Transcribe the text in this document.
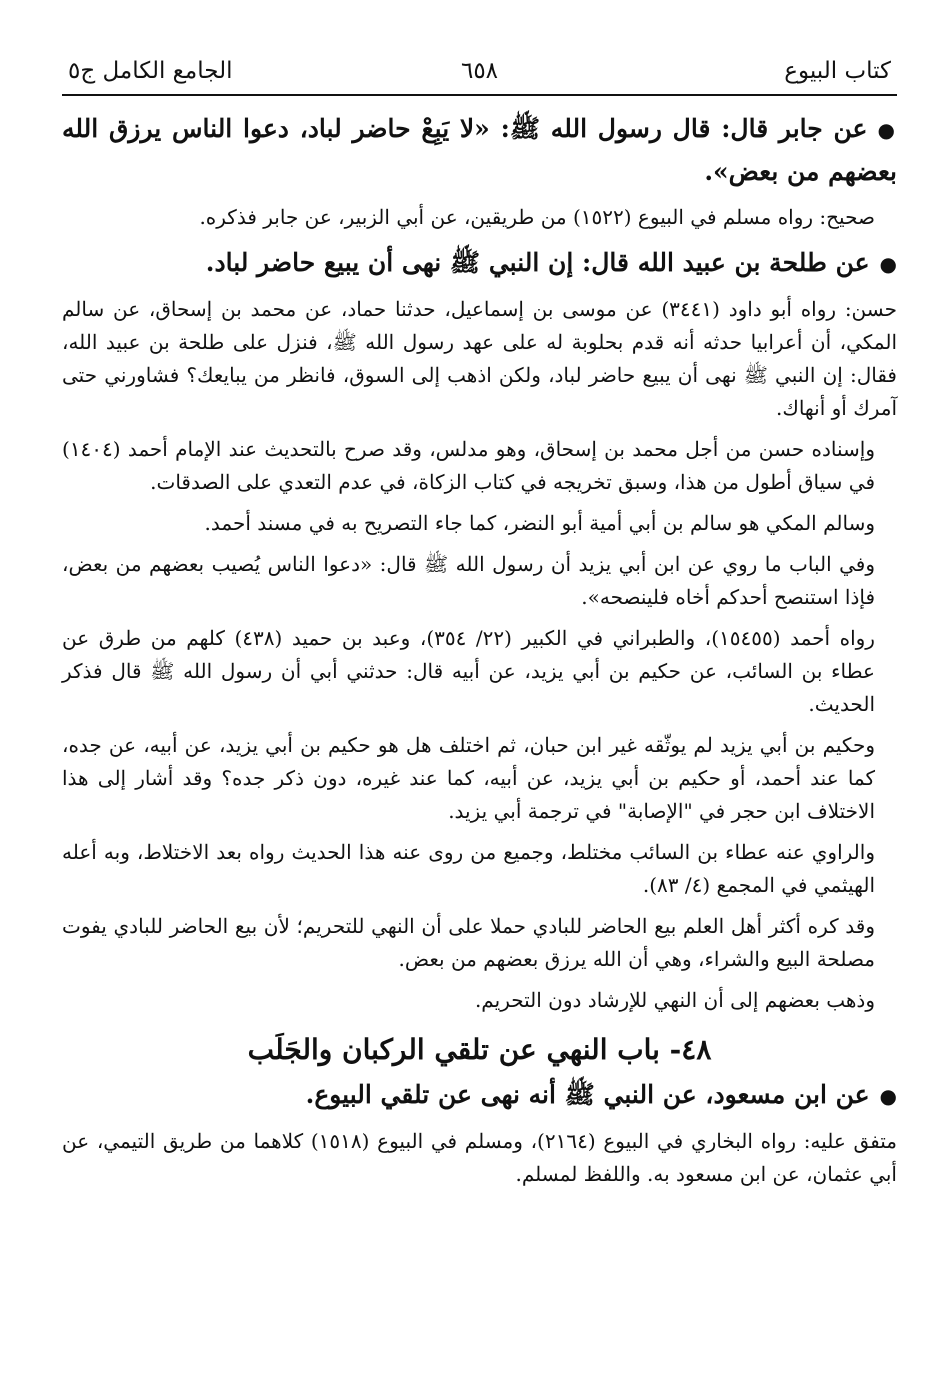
كتاب البيوع
٦٥٨
الجامع الكامل ج٥

●عن جابر قال: قال رسول الله ﷺ: «لا يَبِعْ حاضر لباد، دعوا الناس يرزق الله بعضهم من بعض».

صحيح: رواه مسلم في البيوع (١٥٢٢) من طريقين، عن أبي الزبير، عن جابر فذكره.

●عن طلحة بن عبيد الله قال: إن النبي ﷺ نهى أن يبيع حاضر لباد.

حسن: رواه أبو داود (٣٤٤١) عن موسى بن إسماعيل، حدثنا حماد، عن محمد بن إسحاق، عن سالم المكي، أن أعرابيا حدثه أنه قدم بحلوبة له على عهد رسول الله ﷺ، فنزل على طلحة بن عبيد الله، فقال: إن النبي ﷺ نهى أن يبيع حاضر لباد، ولكن اذهب إلى السوق، فانظر من يبايعك؟ فشاورني حتى آمرك أو أنهاك.

وإسناده حسن من أجل محمد بن إسحاق، وهو مدلس، وقد صرح بالتحديث عند الإمام أحمد (١٤٠٤) في سياق أطول من هذا، وسبق تخريجه في كتاب الزكاة، في عدم التعدي على الصدقات.

وسالم المكي هو سالم بن أبي أمية أبو النضر، كما جاء التصريح به في مسند أحمد.

وفي الباب ما روي عن ابن أبي يزيد أن رسول الله ﷺ قال: «دعوا الناس يُصيب بعضهم من بعض، فإذا استنصح أحدكم أخاه فلينصحه».

رواه أحمد (١٥٤٥٥)، والطبراني في الكبير (٢٢/ ٣٥٤)، وعبد بن حميد (٤٣٨) كلهم من طرق عن عطاء بن السائب، عن حكيم بن أبي يزيد، عن أبيه قال: حدثني أبي أن رسول الله ﷺ قال فذكر الحديث.

وحكيم بن أبي يزيد لم يوثّقه غير ابن حبان، ثم اختلف هل هو حكيم بن أبي يزيد، عن أبيه، عن جده، كما عند أحمد، أو حكيم بن أبي يزيد، عن أبيه، كما عند غيره، دون ذكر جده؟ وقد أشار إلى هذا الاختلاف ابن حجر في "الإصابة" في ترجمة أبي يزيد.

والراوي عنه عطاء بن السائب مختلط، وجميع من روى عنه هذا الحديث رواه بعد الاختلاط، وبه أعله الهيثمي في المجمع (٤/ ٨٣).

وقد كره أكثر أهل العلم بيع الحاضر للبادي حملا على أن النهي للتحريم؛ لأن بيع الحاضر للبادي يفوت مصلحة البيع والشراء، وهي أن الله يرزق بعضهم من بعض.

وذهب بعضهم إلى أن النهي للإرشاد دون التحريم.

٤٨- باب النهي عن تلقي الركبان والجَلَب

●عن ابن مسعود، عن النبي ﷺ أنه نهى عن تلقي البيوع.

متفق عليه: رواه البخاري في البيوع (٢١٦٤)، ومسلم في البيوع (١٥١٨) كلاهما من طريق التيمي، عن أبي عثمان، عن ابن مسعود به. واللفظ لمسلم.
